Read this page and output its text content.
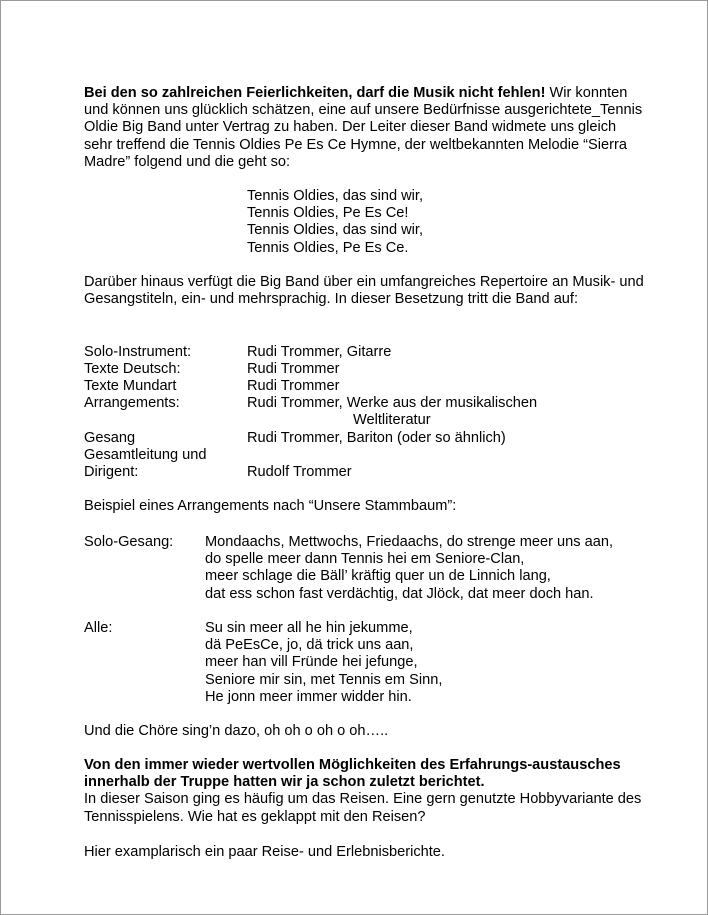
Bei den so zahlreichen Feierlichkeiten, darf die Musik nicht fehlen! Wir konnten und können uns glücklich schätzen, eine auf unsere Bedürfnisse ausgerichtete_Tennis Oldie Big Band unter Vertrag zu haben. Der Leiter dieser Band widmete uns gleich sehr treffend die Tennis Oldies Pe Es Ce Hymne, der weltbekannten Melodie “Sierra Madre” folgend und die geht so:

Tennis Oldies, das sind wir,
Tennis Oldies, Pe Es Ce!
Tennis Oldies, das sind wir,
Tennis Oldies, Pe Es Ce.

Darüber hinaus verfügt die Big Band über ein umfangreiches Repertoire an Musik- und Gesangstiteln, ein- und mehrsprachig. In dieser Besetzung tritt die Band auf:

Solo-Instrument:	Rudi Trommer, Gitarre
Texte Deutsch:	Rudi Trommer
Texte Mundart	Rudi Trommer
Arrangements:	Rudi Trommer, Werke aus der musikalischen
Weltliteratur
Gesang	Rudi Trommer, Bariton (oder so ähnlich)
Gesamtleitung und
Dirigent:	Rudolf Trommer

Beispiel eines Arrangements nach “Unsere Stammbaum”:

Solo-Gesang: Mondaachs, Mettwochs, Friedaachs, do strenge meer uns aan,
do spelle meer dann Tennis hei em Seniore-Clan,
meer schlage die Bäll’ kräftig quer un de Linnich lang,
dat ess schon fast verdächtig, dat Jlöck, dat meer doch han.
Alle:	Su sin meer all he hin jekumme,
dä PeEsCe, jo, dä trick uns aan,
meer han vill Fründe hei jefunge,
Seniore mir sin, met Tennis em Sinn,
He jonn meer immer widder hin.

Und die Chöre sing’n dazo, oh oh o oh o oh…..

Von den immer wieder wertvollen Möglichkeiten des Erfahrungs-austausches innerhalb der Truppe hatten wir ja schon zuletzt berichtet.

In dieser Saison ging es häufig um das Reisen. Eine gern genutzte Hobbyvariante des Tennisspielens. Wie hat es geklappt mit den Reisen?

Hier examplarisch ein paar Reise- und Erlebnisberichte.
